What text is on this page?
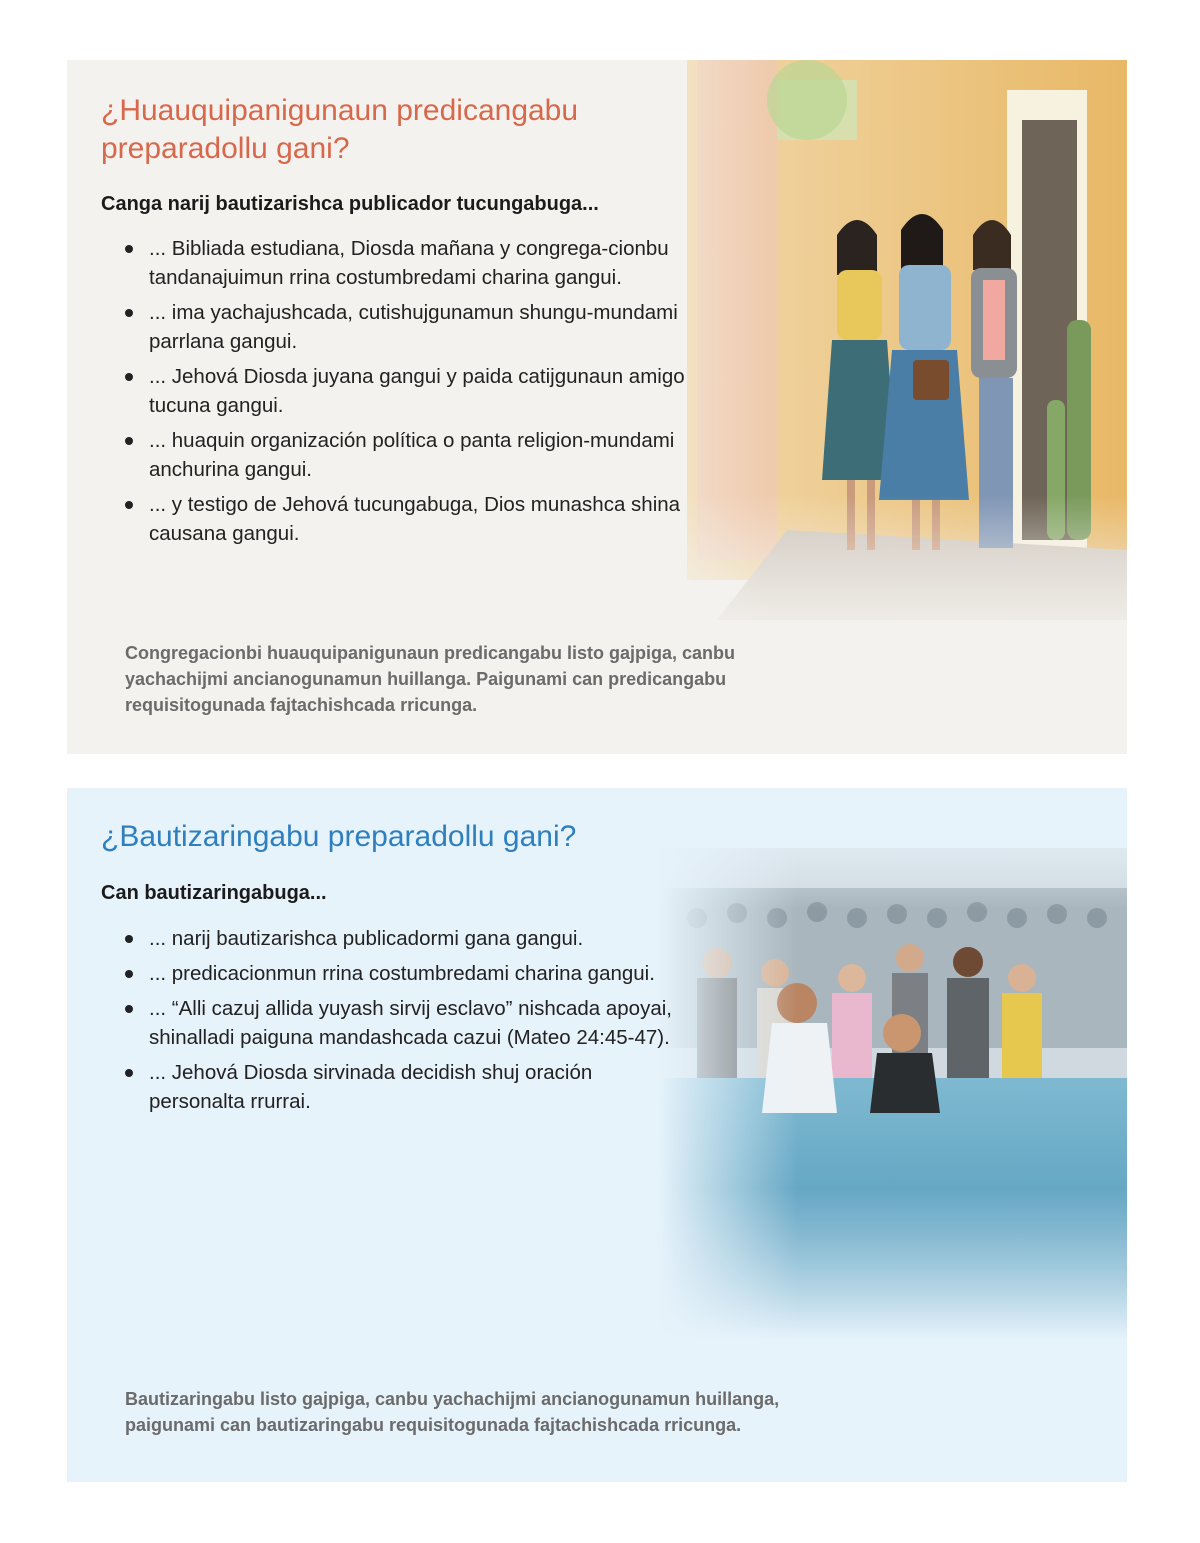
¿Huauquipanigunaun predicangabu preparadollu gani?
Canga narij bautizarishca publicador tucungabuga...
... Bibliada estudiana, Diosda mañana y congrega-cionbu tandanajuimun rrina costumbredami charina gangui.
... ima yachajushcada, cutishujgunamun shungu-mundami parrlana gangui.
... Jehová Diosda juyana gangui y paida catijgunaun amigo tucuna gangui.
... huaquin organización política o panta religion-mundami anchurina gangui.
... y testigo de Jehová tucungabuga, Dios munashca shina causana gangui.
Congregacionbi huauquipanigunaun predicangabu listo gajpiga, canbu yachachijmi ancianogunamun huillanga. Paigunami can predicangabu requisitogunada fajtachishcada rricunga.
¿Bautizaringabu preparadollu gani?
Can bautizaringabuga...
... narij bautizarishca publicadormi gana gangui.
... predicacionmun rrina costumbredami charina gangui.
... “Alli cazuj allida yuyash sirvij esclavo” nishcada apoyai, shinalladi paiguna mandashcada cazui (Mateo 24:45-47).
... Jehová Diosda sirvinada decidish shuj oración personalta rrurrai.
Bautizaringabu listo gajpiga, canbu yachachijmi ancianogunamun huillanga, paigunami can bautizaringabu requisitogunada fajtachishcada rricunga.
